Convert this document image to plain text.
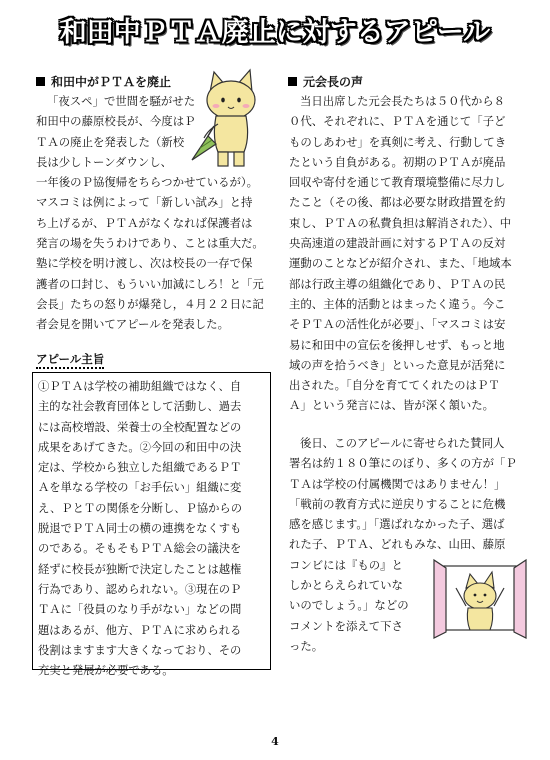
和田中ＰＴＡ廃止に対するアピール
和田中がＰＴＡを廃止
「夜スペ」で世間を騒がせた
和田中の藤原校長が、今度はＰ
ＴＡの廃止を発表した（新校
長は少しトーンダウンし、
一年後のＰ協復帰をちらつかせているが）。
マスコミは例によって「新しい試み」と持
ち上げるが、ＰＴＡがなくなれば保護者は
発言の場を失うわけであり、ことは重大だ。
塾に学校を明け渡し、次は校長の一存で保
護者の口封じ、もういい加減にしろ！と「元
会長」たちの怒りが爆発し，４月２２日に記
者会見を開いてアピールを発表した。
アピール主旨
①ＰＴＡは学校の補助組織ではなく、自
主的な社会教育団体として活動し、過去
には高校増設、栄養士の全校配置などの
成果をあげてきた。②今回の和田中の決
定は、学校から独立した組織であるＰＴ
Ａを単なる学校の「お手伝い」組織に変
え、ＰとＴの関係を分断し、Ｐ協からの
脱退でＰＴＡ同士の横の連携をなくすも
のである。そもそもＰＴＡ総会の議決を
経ずに校長が独断で決定したことは越権
行為であり、認められない。③現在のＰ
ＴＡに「役員のなり手がない」などの問
題はあるが、他方、ＰＴＡに求められる
役割はますます大きくなっており、その
充実と発展が必要である。
元会長の声
当日出席した元会長たちは５０代から８
０代、それぞれに、ＰＴＡを通じて「子ど
ものしあわせ」を真剣に考え、行動してき
たという自負がある。初期のＰＴＡが廃品
回収や寄付を通じて教育環境整備に尽力し
たこと（その後、都は必要な財政措置を約
束し、ＰＴＡの私費負担は解消された）、中
央高速道の建設計画に対するＰＴＡの反対
運動のことなどが紹介され、また、「地域本
部は行政主導の組織化であり、ＰＴＡの民
主的、主体的活動とはまったく違う。今こ
そＰＴＡの活性化が必要」、「マスコミは安
易に和田中の宣伝を後押しせず、もっと地
域の声を拾うべき」といった意見が活発に
出された。「自分を育ててくれたのはＰＴ
Ａ」という発言には、皆が深く頷いた。
後日、このアピールに寄せられた賛同人
署名は約１８０筆にのぼり、多くの方が「Ｐ
ＴＡは学校の付属機関ではありません！」
「戦前の教育方式に逆戻りすることに危機
感を感じます。」「選ばれなかった子、選ば
れた子、ＰＴＡ、どれもみな、山田、藤原
コンビには『もの』と
しかとらえられていな
いのでしょう。」などの
コメントを添えて下さ
った。
4
